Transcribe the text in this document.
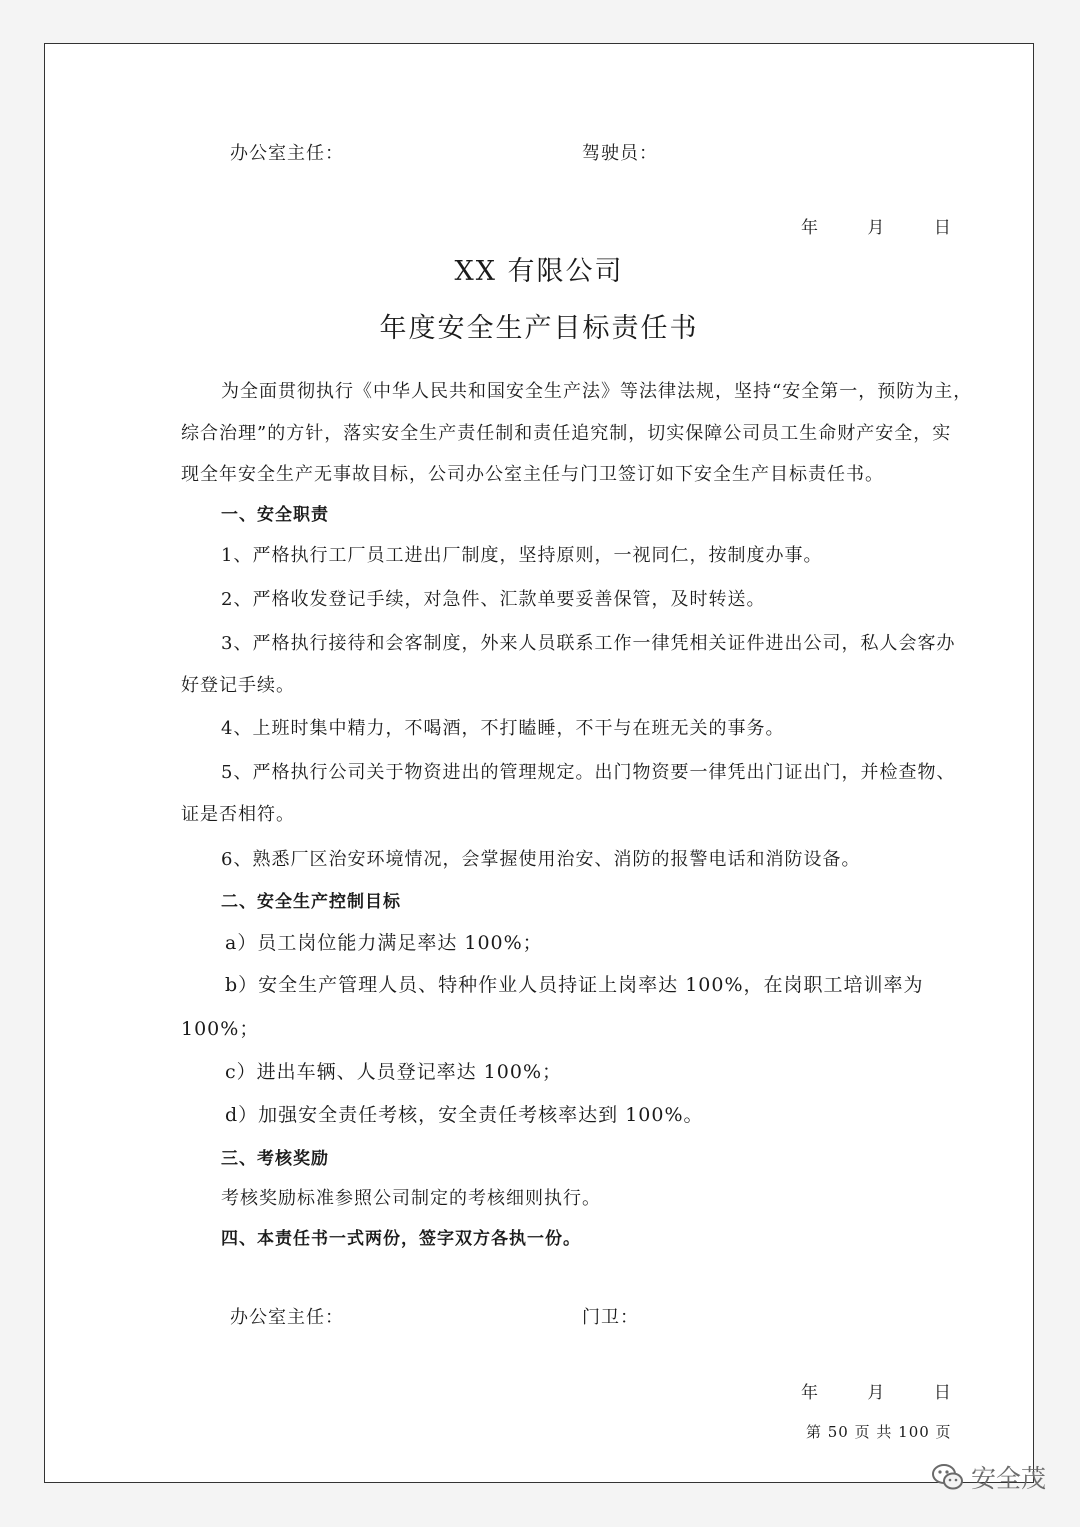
办公室主任：	驾驶员：
年	月	日
XX 有限公司
年度安全生产目标责任书
为全面贯彻执行《中华人民共和国安全生产法》等法律法规，坚持“安全第一，预防为主，
综合治理”的方针，落实安全生产责任制和责任追究制，切实保障公司员工生命财产安全，实
现全年安全生产无事故目标，公司办公室主任与门卫签订如下安全生产目标责任书。
一、安全职责
1、严格执行工厂员工进出厂制度，坚持原则，一视同仁，按制度办事。
2、严格收发登记手续，对急件、汇款单要妥善保管，及时转送。
3、严格执行接待和会客制度，外来人员联系工作一律凭相关证件进出公司，私人会客办
好登记手续。
4、上班时集中精力，不喝酒，不打瞌睡，不干与在班无关的事务。
5、严格执行公司关于物资进出的管理规定。出门物资要一律凭出门证出门，并检查物、
证是否相符。
6、熟悉厂区治安环境情况，会掌握使用治安、消防的报警电话和消防设备。
二、安全生产控制目标
a）员工岗位能力满足率达 100%；
b）安全生产管理人员、特种作业人员持证上岗率达 100%，在岗职工培训率为
100%；
c）进出车辆、人员登记率达 100%；
d）加强安全责任考核，安全责任考核率达到 100%。
三、考核奖励
考核奖励标准参照公司制定的考核细则执行。
四、本责任书一式两份，签字双方各执一份。
办公室主任：	门卫：
年	月	日
第 50 页 共 100 页
安全茂
